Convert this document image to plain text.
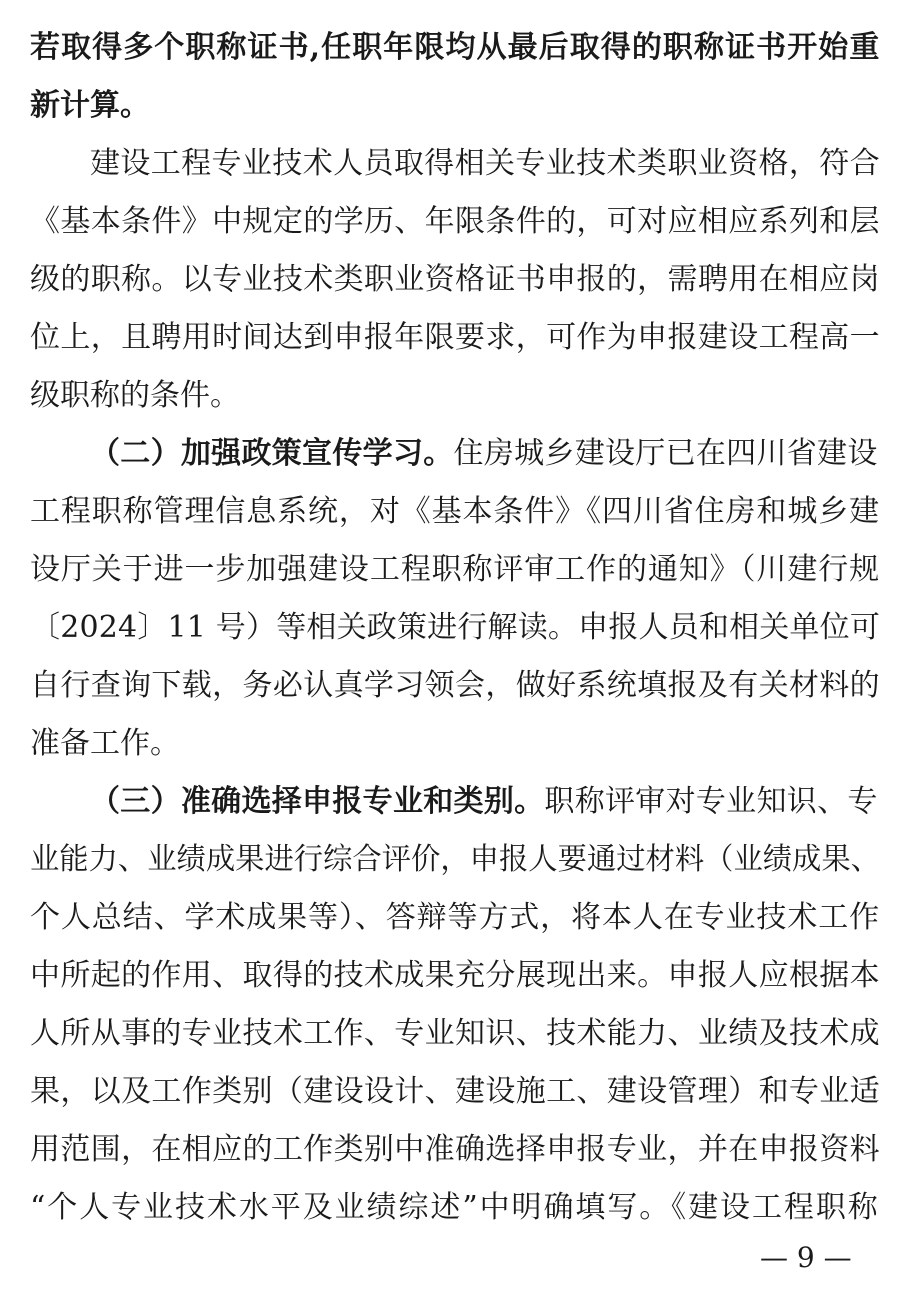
若取得多个职称证书,任职年限均从最后取得的职称证书开始重
新计算。
建设工程专业技术人员取得相关专业技术类职业资格，符合
《基本条件》中规定的学历、年限条件的，可对应相应系列和层
级的职称。以专业技术类职业资格证书申报的，需聘用在相应岗
位上，且聘用时间达到申报年限要求，可作为申报建设工程高一
级职称的条件。
（二）加强政策宣传学习。住房城乡建设厅已在四川省建设
工程职称管理信息系统，对《基本条件》《四川省住房和城乡建
设厅关于进一步加强建设工程职称评审工作的通知》（川建行规
〔2024〕11 号）等相关政策进行解读。申报人员和相关单位可
自行查询下载，务必认真学习领会，做好系统填报及有关材料的
准备工作。
（三）准确选择申报专业和类别。职称评审对专业知识、专
业能力、业绩成果进行综合评价，申报人要通过材料（业绩成果、
个人总结、学术成果等）、答辩等方式，将本人在专业技术工作
中所起的作用、取得的技术成果充分展现出来。申报人应根据本
人所从事的专业技术工作、专业知识、技术能力、业绩及技术成
果，以及工作类别（建设设计、建设施工、建设管理）和专业适
用范围，在相应的工作类别中准确选择申报专业，并在申报资料
“个人专业技术水平及业绩综述”中明确填写。《建设工程职称
— 9 —
